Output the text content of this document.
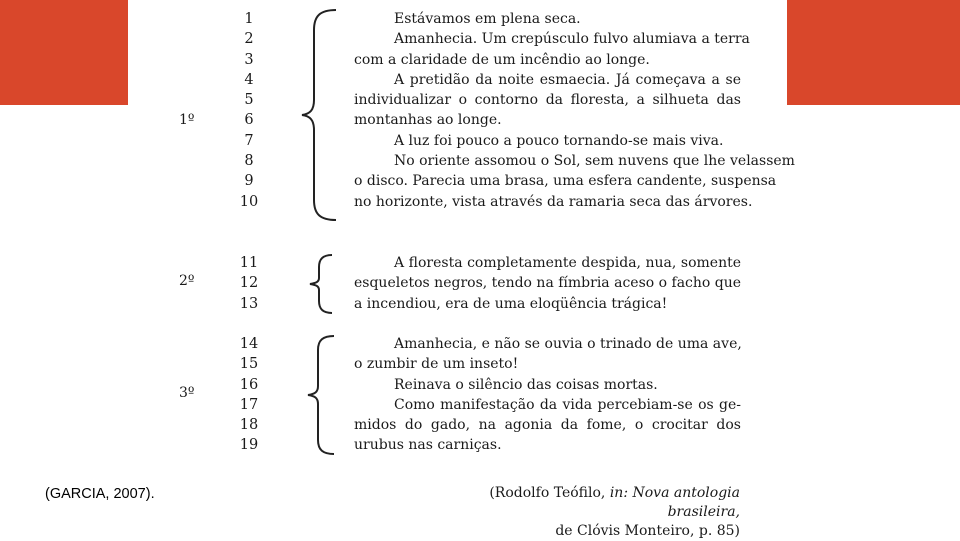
1º
1
2
3
4
5
6
7
8
9
10
Estávamos em plena seca.
Amanhecia. Um crepúsculo fulvo alumiava a terra
com a claridade de um incêndio ao longe.
A pretidão da noite esmaecia. Já começava a se
individualizar o contorno da floresta, a silhueta das
montanhas ao longe.
A luz foi pouco a pouco tornando-se mais viva.
No oriente assomou o Sol, sem nuvens que lhe velassem
o disco. Parecia uma brasa, uma esfera candente, suspensa
no horizonte, vista através da ramaria seca das árvores.
2º
11
12
13
A floresta completamente despida, nua, somente
esqueletos negros, tendo na fímbria aceso o facho que
a incendiou, era de uma eloqüência trágica!
3º
14
15
16
17
18
19
Amanhecia, e não se ouvia o trinado de uma ave,
o zumbir de um inseto!
Reinava o silêncio das coisas mortas.
Como manifestação da vida percebiam-se os ge-
midos do gado, na agonia da fome, o crocitar dos
urubus nas carniças.
(Rodolfo Teófilo, in: Nova antologia brasileira,
de Clóvis Monteiro, p. 85)
(GARCIA, 2007).
